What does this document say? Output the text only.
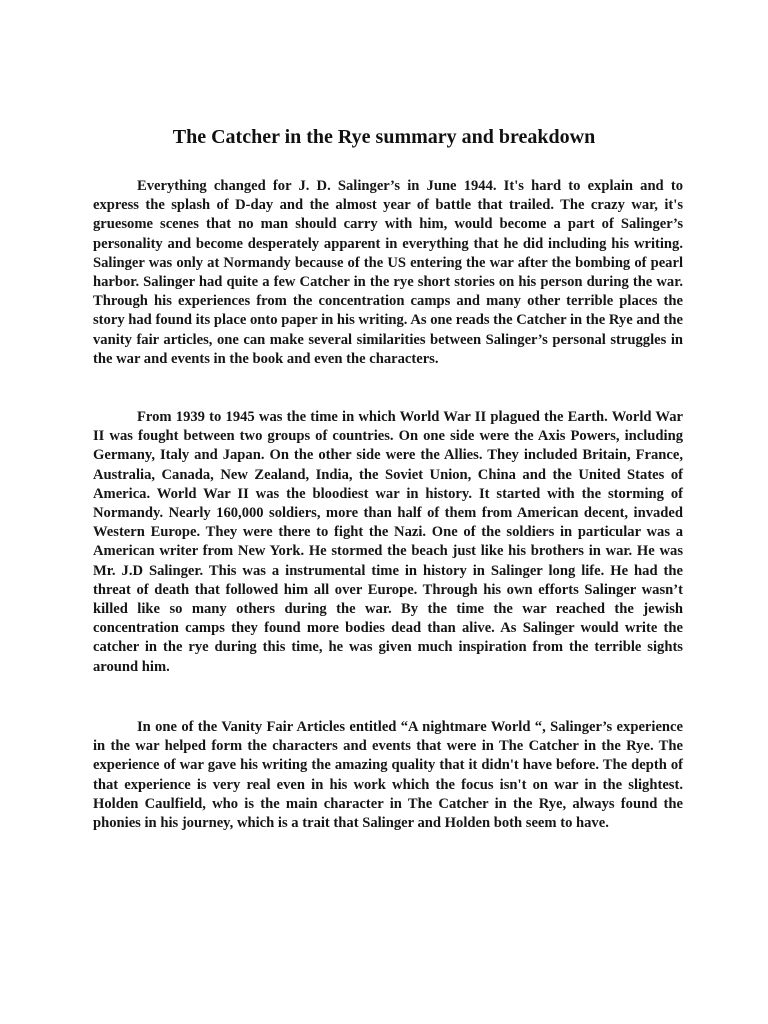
The Catcher in the Rye summary and breakdown

Everything changed for J. D. Salinger’s in June 1944. It's hard to explain and to express the splash of D-day and the almost year of battle that trailed. The crazy war, it's gruesome scenes that no man should carry with him, would become a part of Salinger’s personality and become desperately apparent in everything that he did including his writing. Salinger was only at Normandy because of the US entering the war after the bombing of pearl harbor. Salinger had quite a few Catcher in the rye short stories on his person during the war. Through his experiences from the concentration camps and many other terrible places the story had found its place onto paper in his writing. As one reads the Catcher in the Rye and the vanity fair articles, one can make several similarities between Salinger’s personal struggles in the war and events in the book and even the characters.

From 1939 to 1945 was the time in which World War II plagued the Earth. World War II was fought between two groups of countries. On one side were the Axis Powers, including Germany, Italy and Japan. On the other side were the Allies. They included Britain, France, Australia, Canada, New Zealand, India, the Soviet Union, China and the United States of America. World War II was the bloodiest war in history. It started with the storming of Normandy. Nearly 160,000 soldiers, more than half of them from American decent, invaded Western Europe. They were there to fight the Nazi. One of the soldiers in particular was a American writer from New York. He stormed the beach just like his brothers in war. He was Mr. J.D Salinger. This was a instrumental time in history in Salinger long life. He had the threat of death that followed him all over Europe. Through his own efforts Salinger wasn’t killed like so many others during the war. By the time the war reached the jewish concentration camps they found more bodies dead than alive. As Salinger would write the catcher in the rye during this time, he was given much inspiration from the terrible sights around him.

In one of the Vanity Fair Articles entitled “A nightmare World “, Salinger’s experience in the war helped form the characters and events that were in The Catcher in the Rye. The experience of war gave his writing the amazing quality that it didn't have before. The depth of that experience is very real even in his work which the focus isn't on war in the slightest. Holden Caulfield, who is the main character in The Catcher in the Rye, always found the phonies in his journey, which is a trait that Salinger and Holden both seem to have.
